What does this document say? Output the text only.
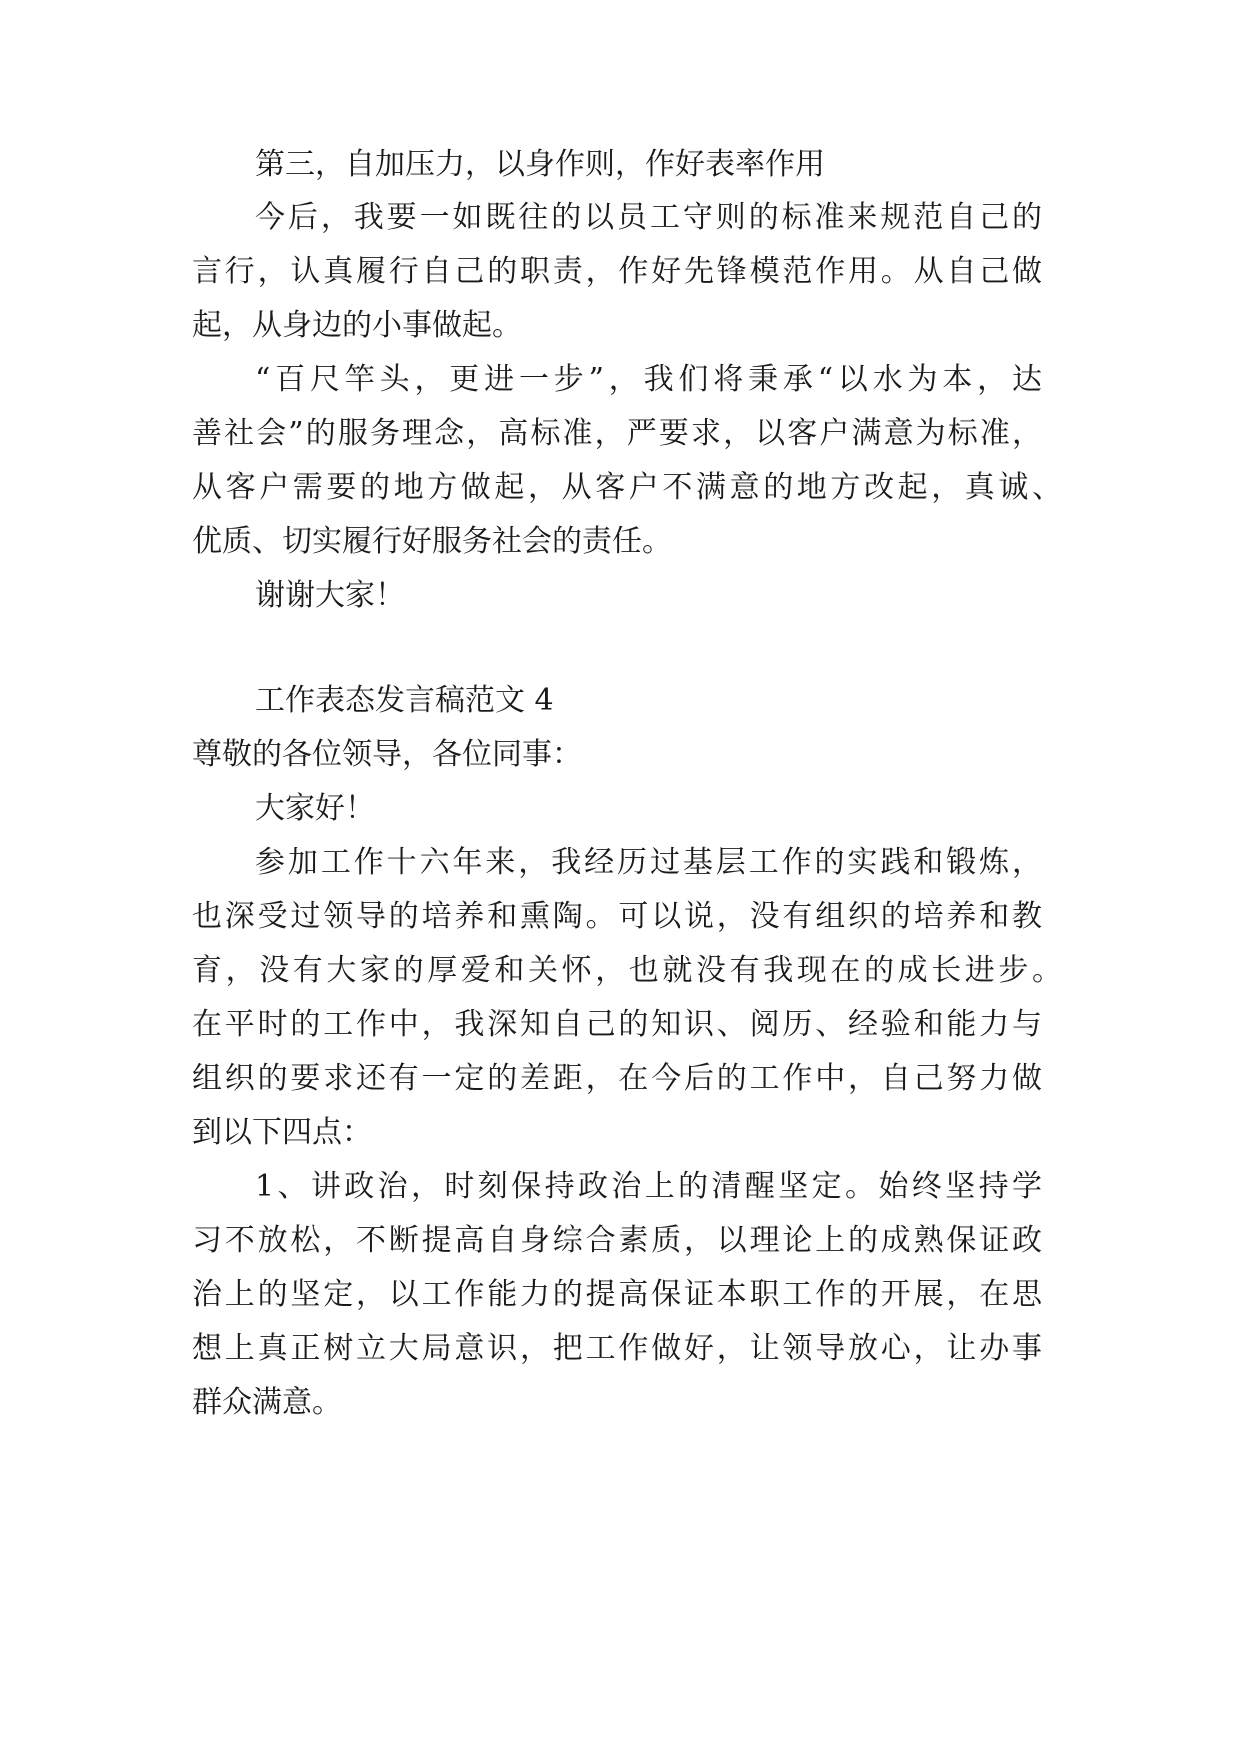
第三，自加压力，以身作则，作好表率作用
今后，我要一如既往的以员工守则的标准来规范自己的
言行，认真履行自己的职责，作好先锋模范作用。从自己做
起，从身边的小事做起。
“百尺竿头，更进一步”，我们将秉承“以水为本，达
善社会”的服务理念，高标准，严要求，以客户满意为标准，
从客户需要的地方做起，从客户不满意的地方改起，真诚、
优质、切实履行好服务社会的责任。
谢谢大家！
工作表态发言稿范文 4
尊敬的各位领导，各位同事：
大家好！
参加工作十六年来，我经历过基层工作的实践和锻炼，
也深受过领导的培养和熏陶。可以说，没有组织的培养和教
育，没有大家的厚爱和关怀，也就没有我现在的成长进步。
在平时的工作中，我深知自己的知识、阅历、经验和能力与
组织的要求还有一定的差距，在今后的工作中，自己努力做
到以下四点：
1、讲政治，时刻保持政治上的清醒坚定。始终坚持学
习不放松，不断提高自身综合素质，以理论上的成熟保证政
治上的坚定，以工作能力的提高保证本职工作的开展，在思
想上真正树立大局意识，把工作做好，让领导放心，让办事
群众满意。
